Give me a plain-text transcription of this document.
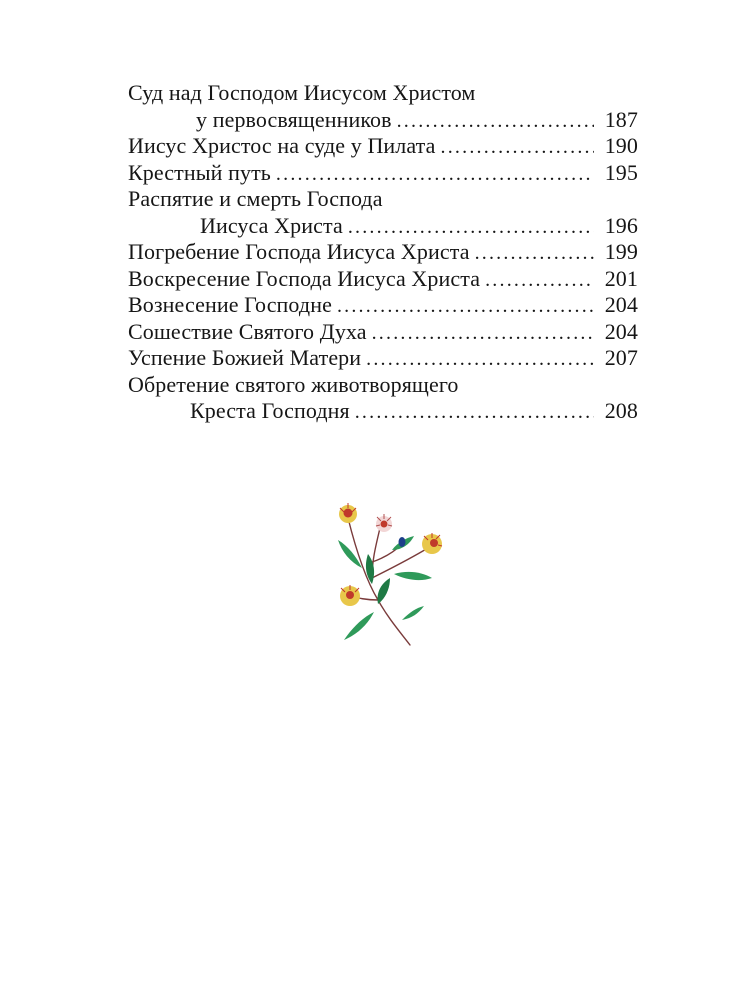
Суд над Господом Иисусом Христом
у первосвященников .....	187
Иисус Христос на суде у Пилата .....	190
Крестный путь .....	195
Распятие и смерть Господа
Иисуса Христа .....	196
Погребение Господа Иисуса Христа .....	199
Воскресение Господа Иисуса Христа .....	201
Вознесение Господне .....	204
Сошествие Святого Духа .....	204
Успение Божией Матери .....	207
Обретение святого животворящего
Креста Господня .....	208
